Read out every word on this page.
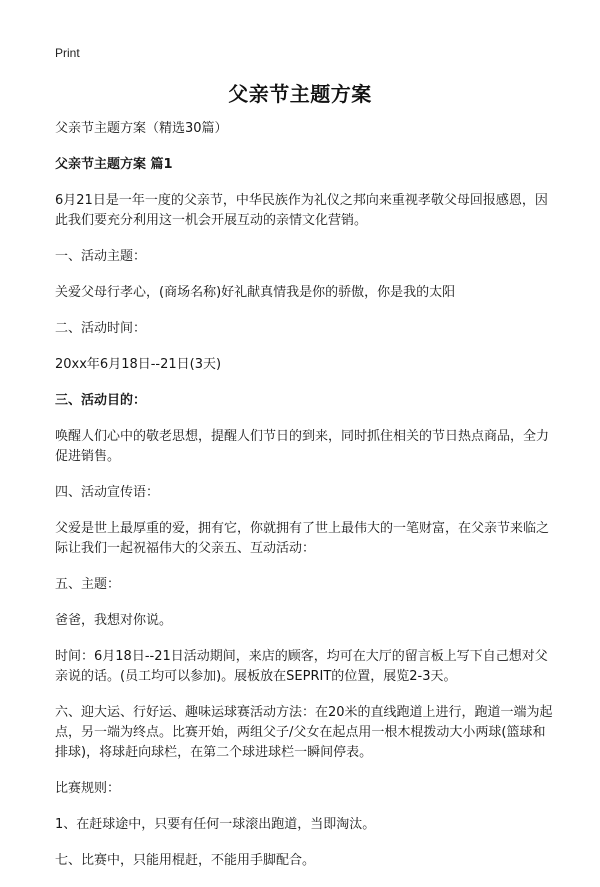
Print
父亲节主题方案

父亲节主题方案（精选30篇）

父亲节主题方案 篇1

6月21日是一年一度的父亲节，中华民族作为礼仪之邦向来重视孝敬父母回报感恩，因此我们要充分利用这一机会开展互动的亲情文化营销。

一、活动主题：

关爱父母行孝心，(商场名称)好礼献真情我是你的骄傲，你是我的太阳

二、活动时间：

20xx年6月18日--21日(3天)

三、活动目的：

唤醒人们心中的敬老思想，提醒人们节日的到来，同时抓住相关的节日热点商品，全力促进销售。

四、活动宣传语：

父爱是世上最厚重的爱，拥有它，你就拥有了世上最伟大的一笔财富，在父亲节来临之际让我们一起祝福伟大的父亲五、互动活动：

五、主题：

爸爸，我想对你说。

时间：6月18日--21日活动期间，来店的顾客，均可在大厅的留言板上写下自己想对父亲说的话。(员工均可以参加)。展板放在SEPRIT的位置，展览2-3天。

六、迎大运、行好运、趣味运球赛活动方法：在20米的直线跑道上进行，跑道一端为起点，另一端为终点。比赛开始，两组父子/父女在起点用一根木棍拨动大小两球(篮球和排球)，将球赶向球栏，在第二个球进球栏一瞬间停表。

比赛规则：

1、在赶球途中，只要有任何一球滚出跑道，当即淘汰。

七、比赛中，只能用棍赶，不能用手脚配合。
